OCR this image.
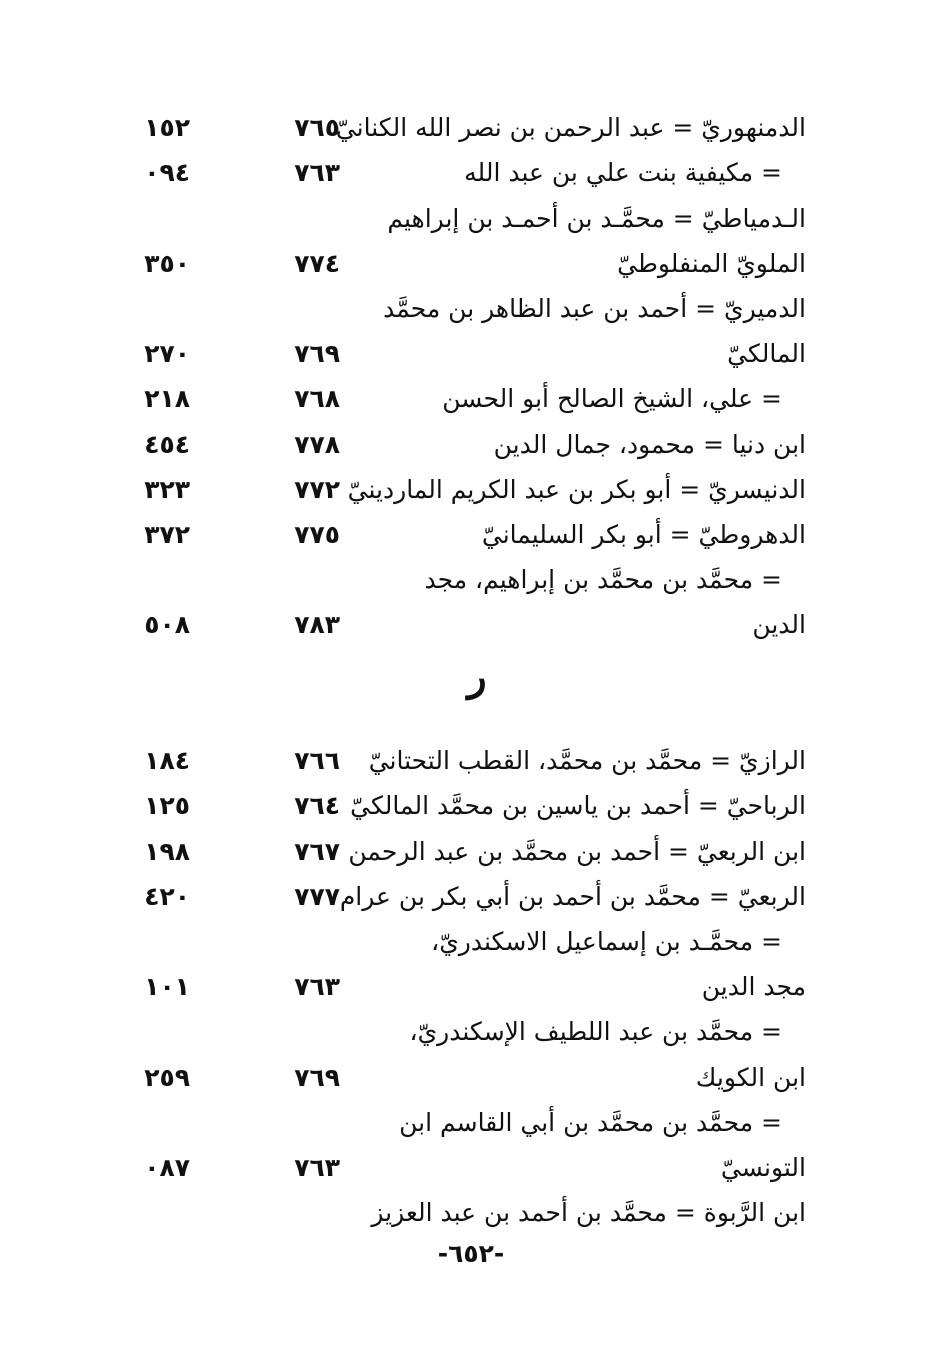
الدمنهوريّ = عبد الرحمن بن نصر الله الكنانيّ
٧٦٥
١٥٢
= مكيفية بنت علي بن عبد الله
٧٦٣
٠٩٤
الـدمياطيّ = محمَّـد بن أحمـد بن إبراهيم
الملويّ المنفلوطيّ
٧٧٤
٣٥٠
الدميريّ = أحمد بن عبد الظاهر بن محمَّد
المالكيّ
٧٦٩
٢٧٠
= علي، الشيخ الصالح أبو الحسن
٧٦٨
٢١٨
ابن دنيا = محمود، جمال الدين
٧٧٨
٤٥٤
الدنيسريّ = أبو بكر بن عبد الكريم الماردينيّ
٧٧٢
٣٢٣
الدهروطيّ = أبو بكر السليمانيّ
٧٧٥
٣٧٢
= محمَّد بن محمَّد بن إبراهيم، مجد
الدين
٧٨٣
٥٠٨
ر
الرازيّ = محمَّد بن محمَّد، القطب التحتانيّ
٧٦٦
١٨٤
الرباحيّ = أحمد بن ياسين بن محمَّد المالكيّ
٧٦٤
١٢٥
ابن الربعيّ = أحمد بن محمَّد بن عبد الرحمن
٧٦٧
١٩٨
الربعيّ = محمَّد بن أحمد بن أبي بكر بن عرام
٧٧٧
٤٢٠
= محمَّـد بن إسماعيل الاسكندريّ،
مجد الدين
٧٦٣
١٠١
= محمَّد بن عبد اللطيف الإسكندريّ،
ابن الكويك
٧٦٩
٢٥٩
= محمَّد بن محمَّد بن أبي القاسم ابن
التونسيّ
٧٦٣
٠٨٧
ابن الرَّبوة = محمَّد بن أحمد بن عبد العزيز
-٦٥٢-
